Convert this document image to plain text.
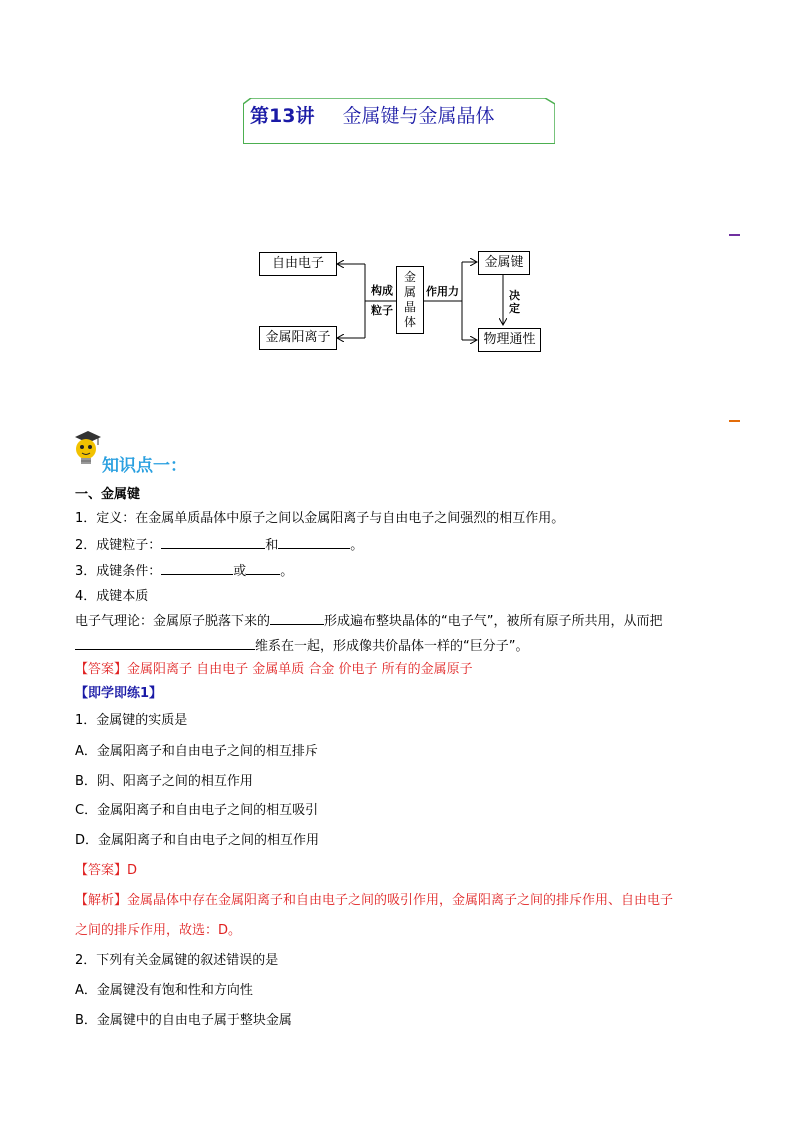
第13讲 金属键与金属晶体
自由电子
金属阳离子
构成
粒子
金
属
晶
体
作用力
金属键
决
定
物理通性
知识点一：
一、金属键
1．定义：在金属单质晶体中原子之间以金属阳离子与自由电子之间强烈的相互作用。
2．成键粒子：	和	。
3．成键条件：	或	。
4．成键本质
电子气理论：金属原子脱落下来的	形成遍布整块晶体的“电子气”，被所有原子所共用，从而把
维系在一起，形成像共价晶体一样的“巨分子”。
【答案】金属阳离子 自由电子 金属单质 合金 价电子 所有的金属原子
【即学即练1】
1．金属键的实质是
A．金属阳离子和自由电子之间的相互排斥
B．阴、阳离子之间的相互作用
C．金属阳离子和自由电子之间的相互吸引
D．金属阳离子和自由电子之间的相互作用
【答案】D
【解析】金属晶体中存在金属阳离子和自由电子之间的吸引作用，金属阳离子之间的排斥作用、自由电子
之间的排斥作用，故选：D。
2．下列有关金属键的叙述错误的是
A．金属键没有饱和性和方向性
B．金属键中的自由电子属于整块金属
